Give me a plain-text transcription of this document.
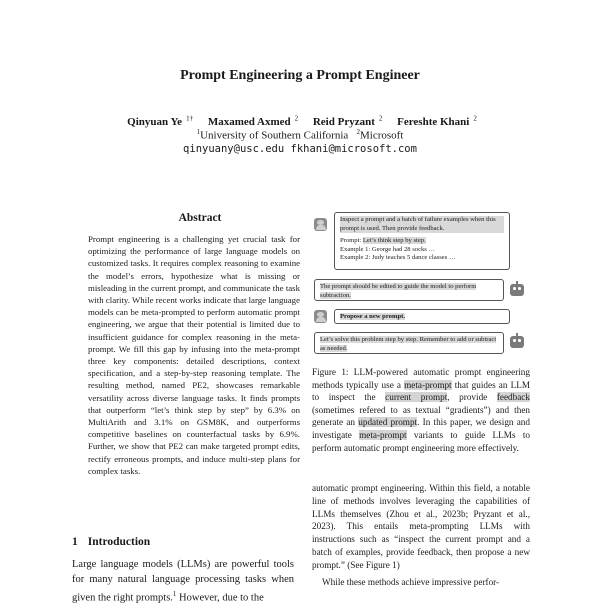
Prompt Engineering a Prompt Engineer
Qinyuan Ye $^{1\dagger}$ Maxamed Axmed $^2$ Reid Pryzant $^2$ Fereshte Khani $^2$
$^1$University of Southern California $^2$Microsoft
qinyuany@usc.edu fkhani@microsoft.com
Abstract
Prompt engineering is a challenging yet crucial task for optimizing the performance of large language models on customized tasks. It requires complex reasoning to examine the model’s errors, hypothesize what is missing or misleading in the current prompt, and communicate the task with clarity. While recent works indicate that large language models can be meta-prompted to perform automatic prompt engineering, we argue that their potential is limited due to insufficient guidance for complex reasoning in the meta-prompt. We fill this gap by infusing into the meta-prompt three key components: detailed descriptions, context specification, and a step-by-step reasoning template. The resulting method, named PE2, showcases remarkable versatility across diverse language tasks. It finds prompts that outperform “let’s think step by step” by 6.3% on MultiArith and 3.1% on GSM8K, and outperforms competitive baselines on counterfactual tasks by 6.9%. Further, we show that PE2 can make targeted prompt edits, rectify erroneous prompts, and induce multi-step plans for complex tasks.
1 Introduction
Large language models (LLMs) are powerful tools for many natural language processing tasks when given the right prompts.$^1$ However, due to the
Inspect a prompt and a batch of failure examples when this prompt is used. Then provide feedback.
Prompt: Let’s think step by step.
Example 1: George had 28 socks …
Example 2: Judy teaches 5 dance classes …
The prompt should be edited to guide the model to perform subtraction.
Propose a new prompt.
Let’s solve this problem step by step. Remember to add or subtract as needed.
Figure 1: LLM-powered automatic prompt engineering methods typically use a meta-prompt that guides an LLM to inspect the current prompt, provide feedback (sometimes refered to as textual “gradients”) and then generate an updated prompt. In this paper, we design and investigate meta-prompt variants to guide LLMs to perform automatic prompt engineering more effectively.
automatic prompt engineering. Within this field, a notable line of methods involves leveraging the capabilities of LLMs themselves (Zhou et al., 2023b; Pryzant et al., 2023). This entails meta-prompting LLMs with instructions such as “inspect the current prompt and a batch of examples, provide feedback, then propose a new prompt.” (See Figure 1)
While these methods achieve impressive perfor-
